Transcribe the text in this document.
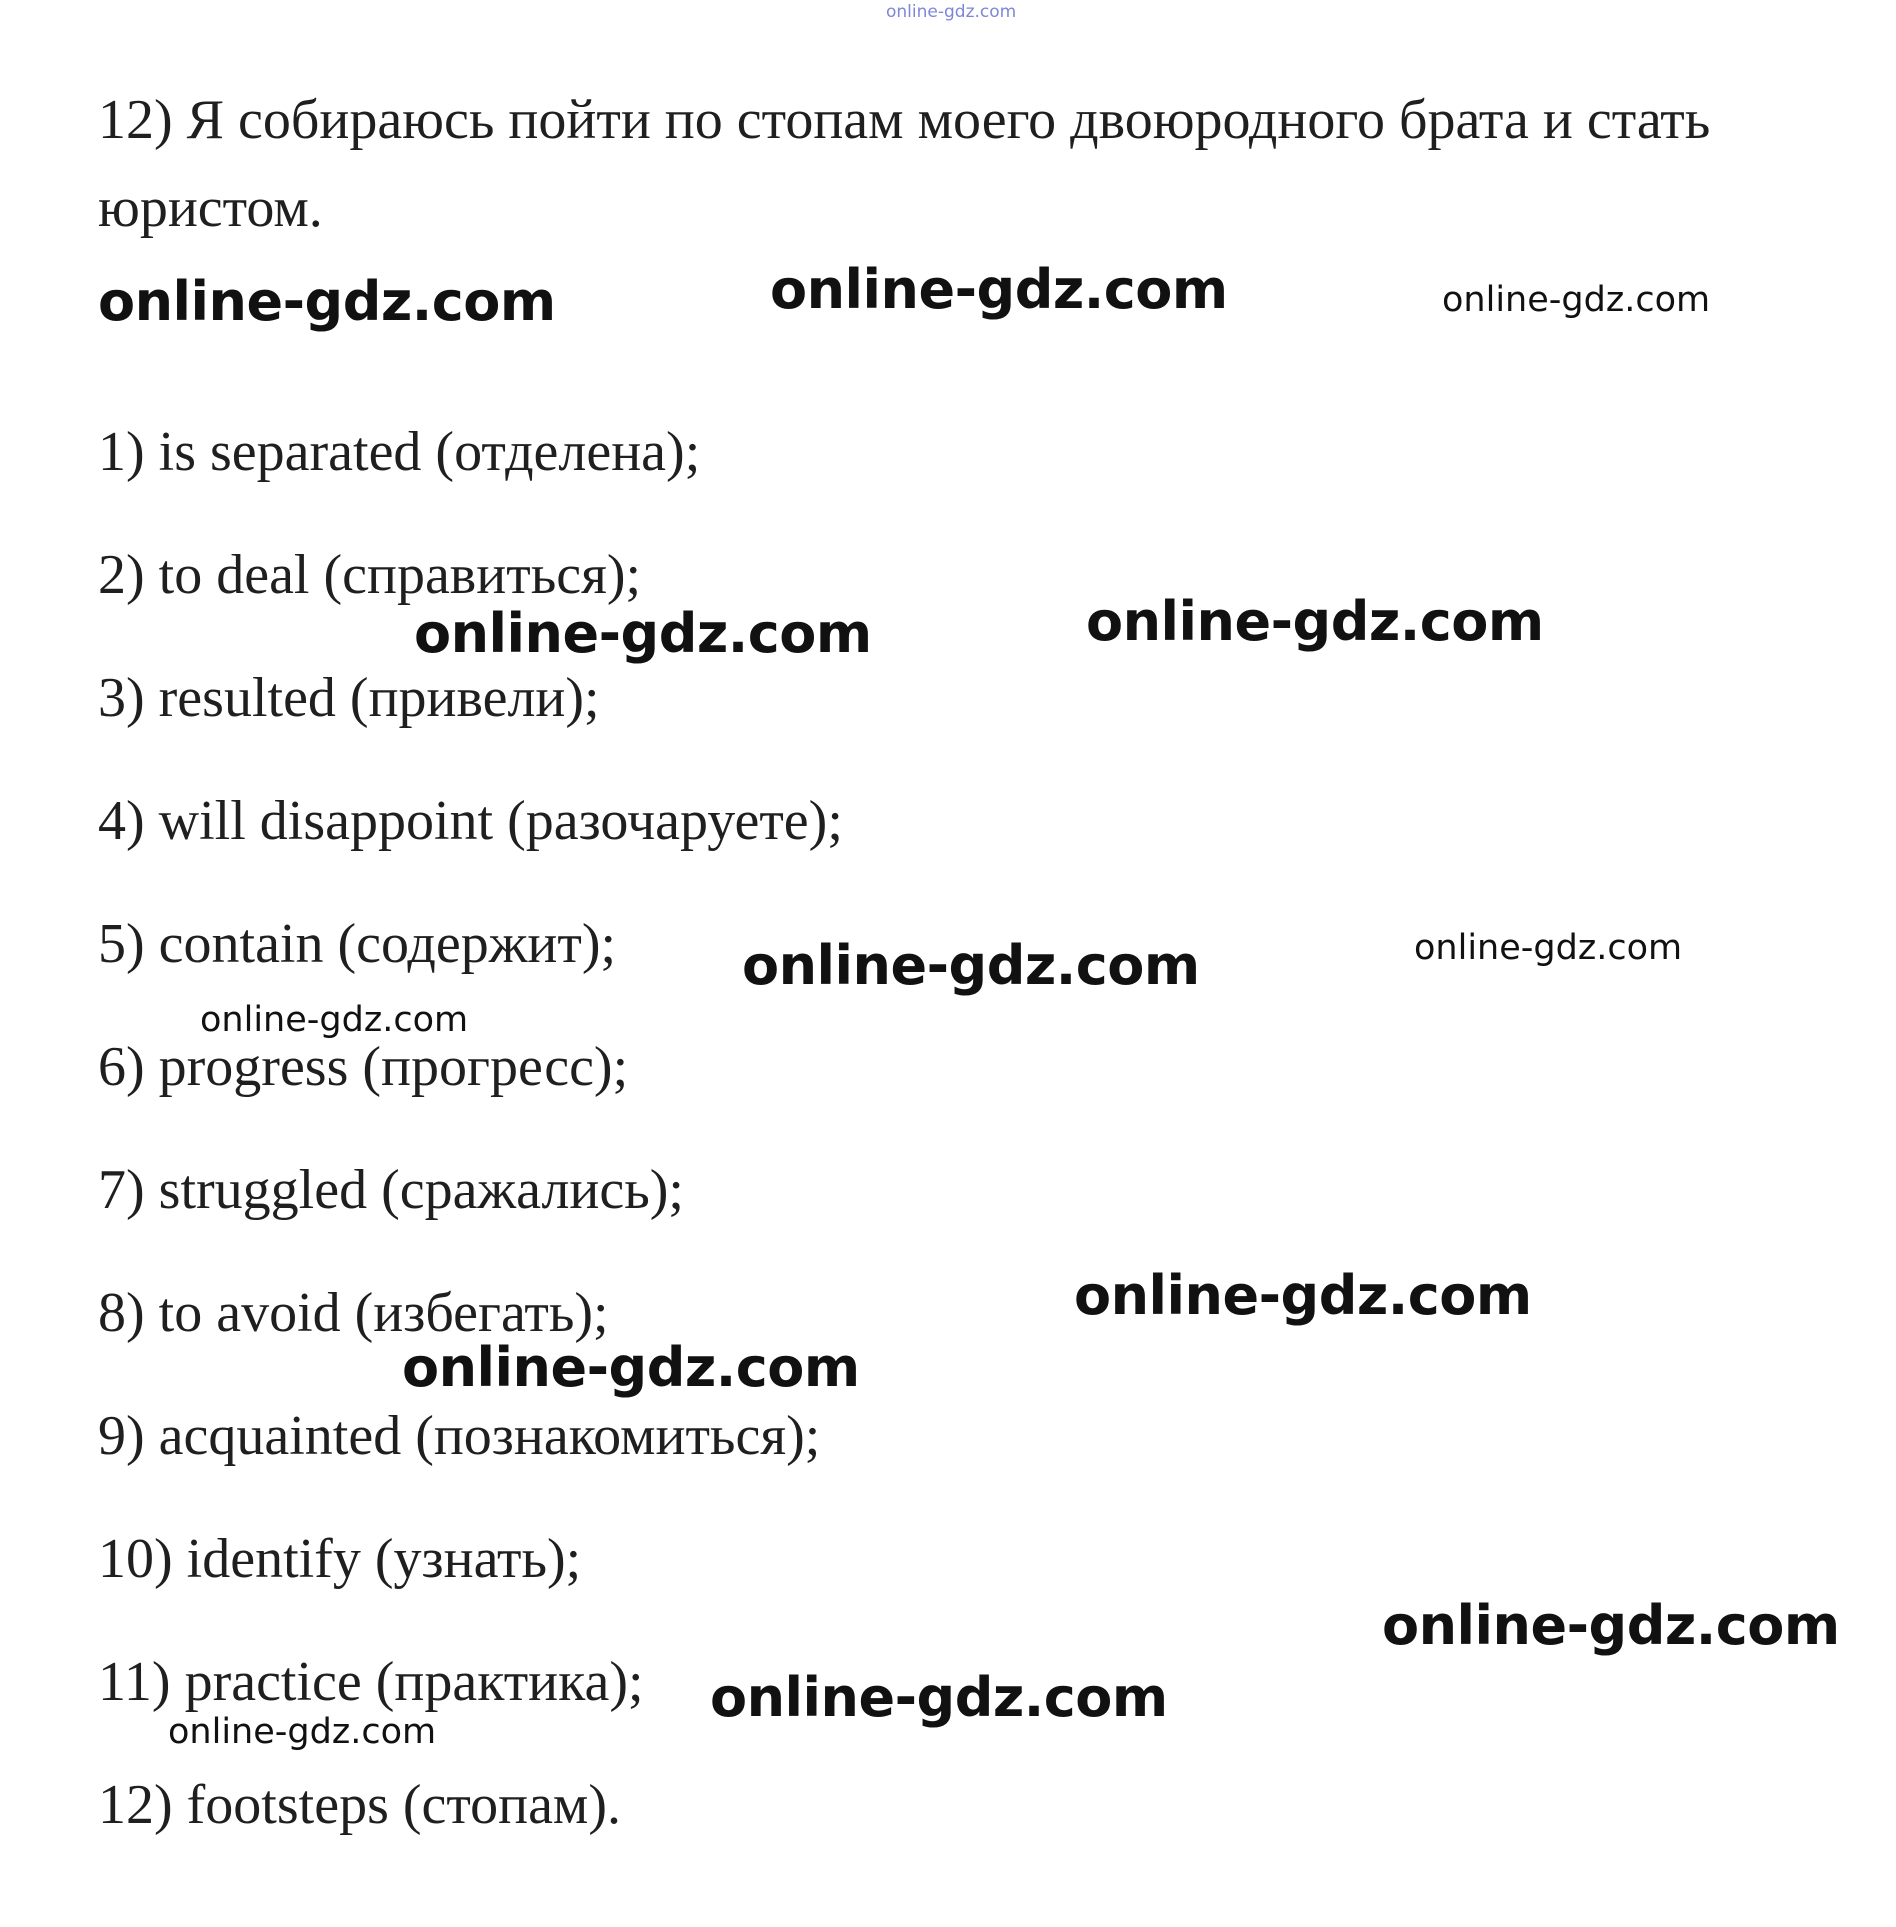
online-gdz.com
12) Я собираюсь пойти по стопам моего двоюродного брата и стать
юристом.
online-gdz.com	online-gdz.com	online-gdz.com
1) is separated (отделена);
2) to deal (справиться);
online-gdz.com	online-gdz.com
3) resulted (привели);
4) will disappoint (разочаруете);
5) contain (содержит); online-gdz.com	online-gdz.com
online-gdz.com
6) progress (прогресс);
7) struggled (сражались);
online-gdz.com
8) to avoid (избегать);
online-gdz.com
9) acquainted (познакомиться);
10) identify (узнать);
online-gdz.com
11) practice (практика); online-gdz.com
online-gdz.com
12) footsteps (стопам).
